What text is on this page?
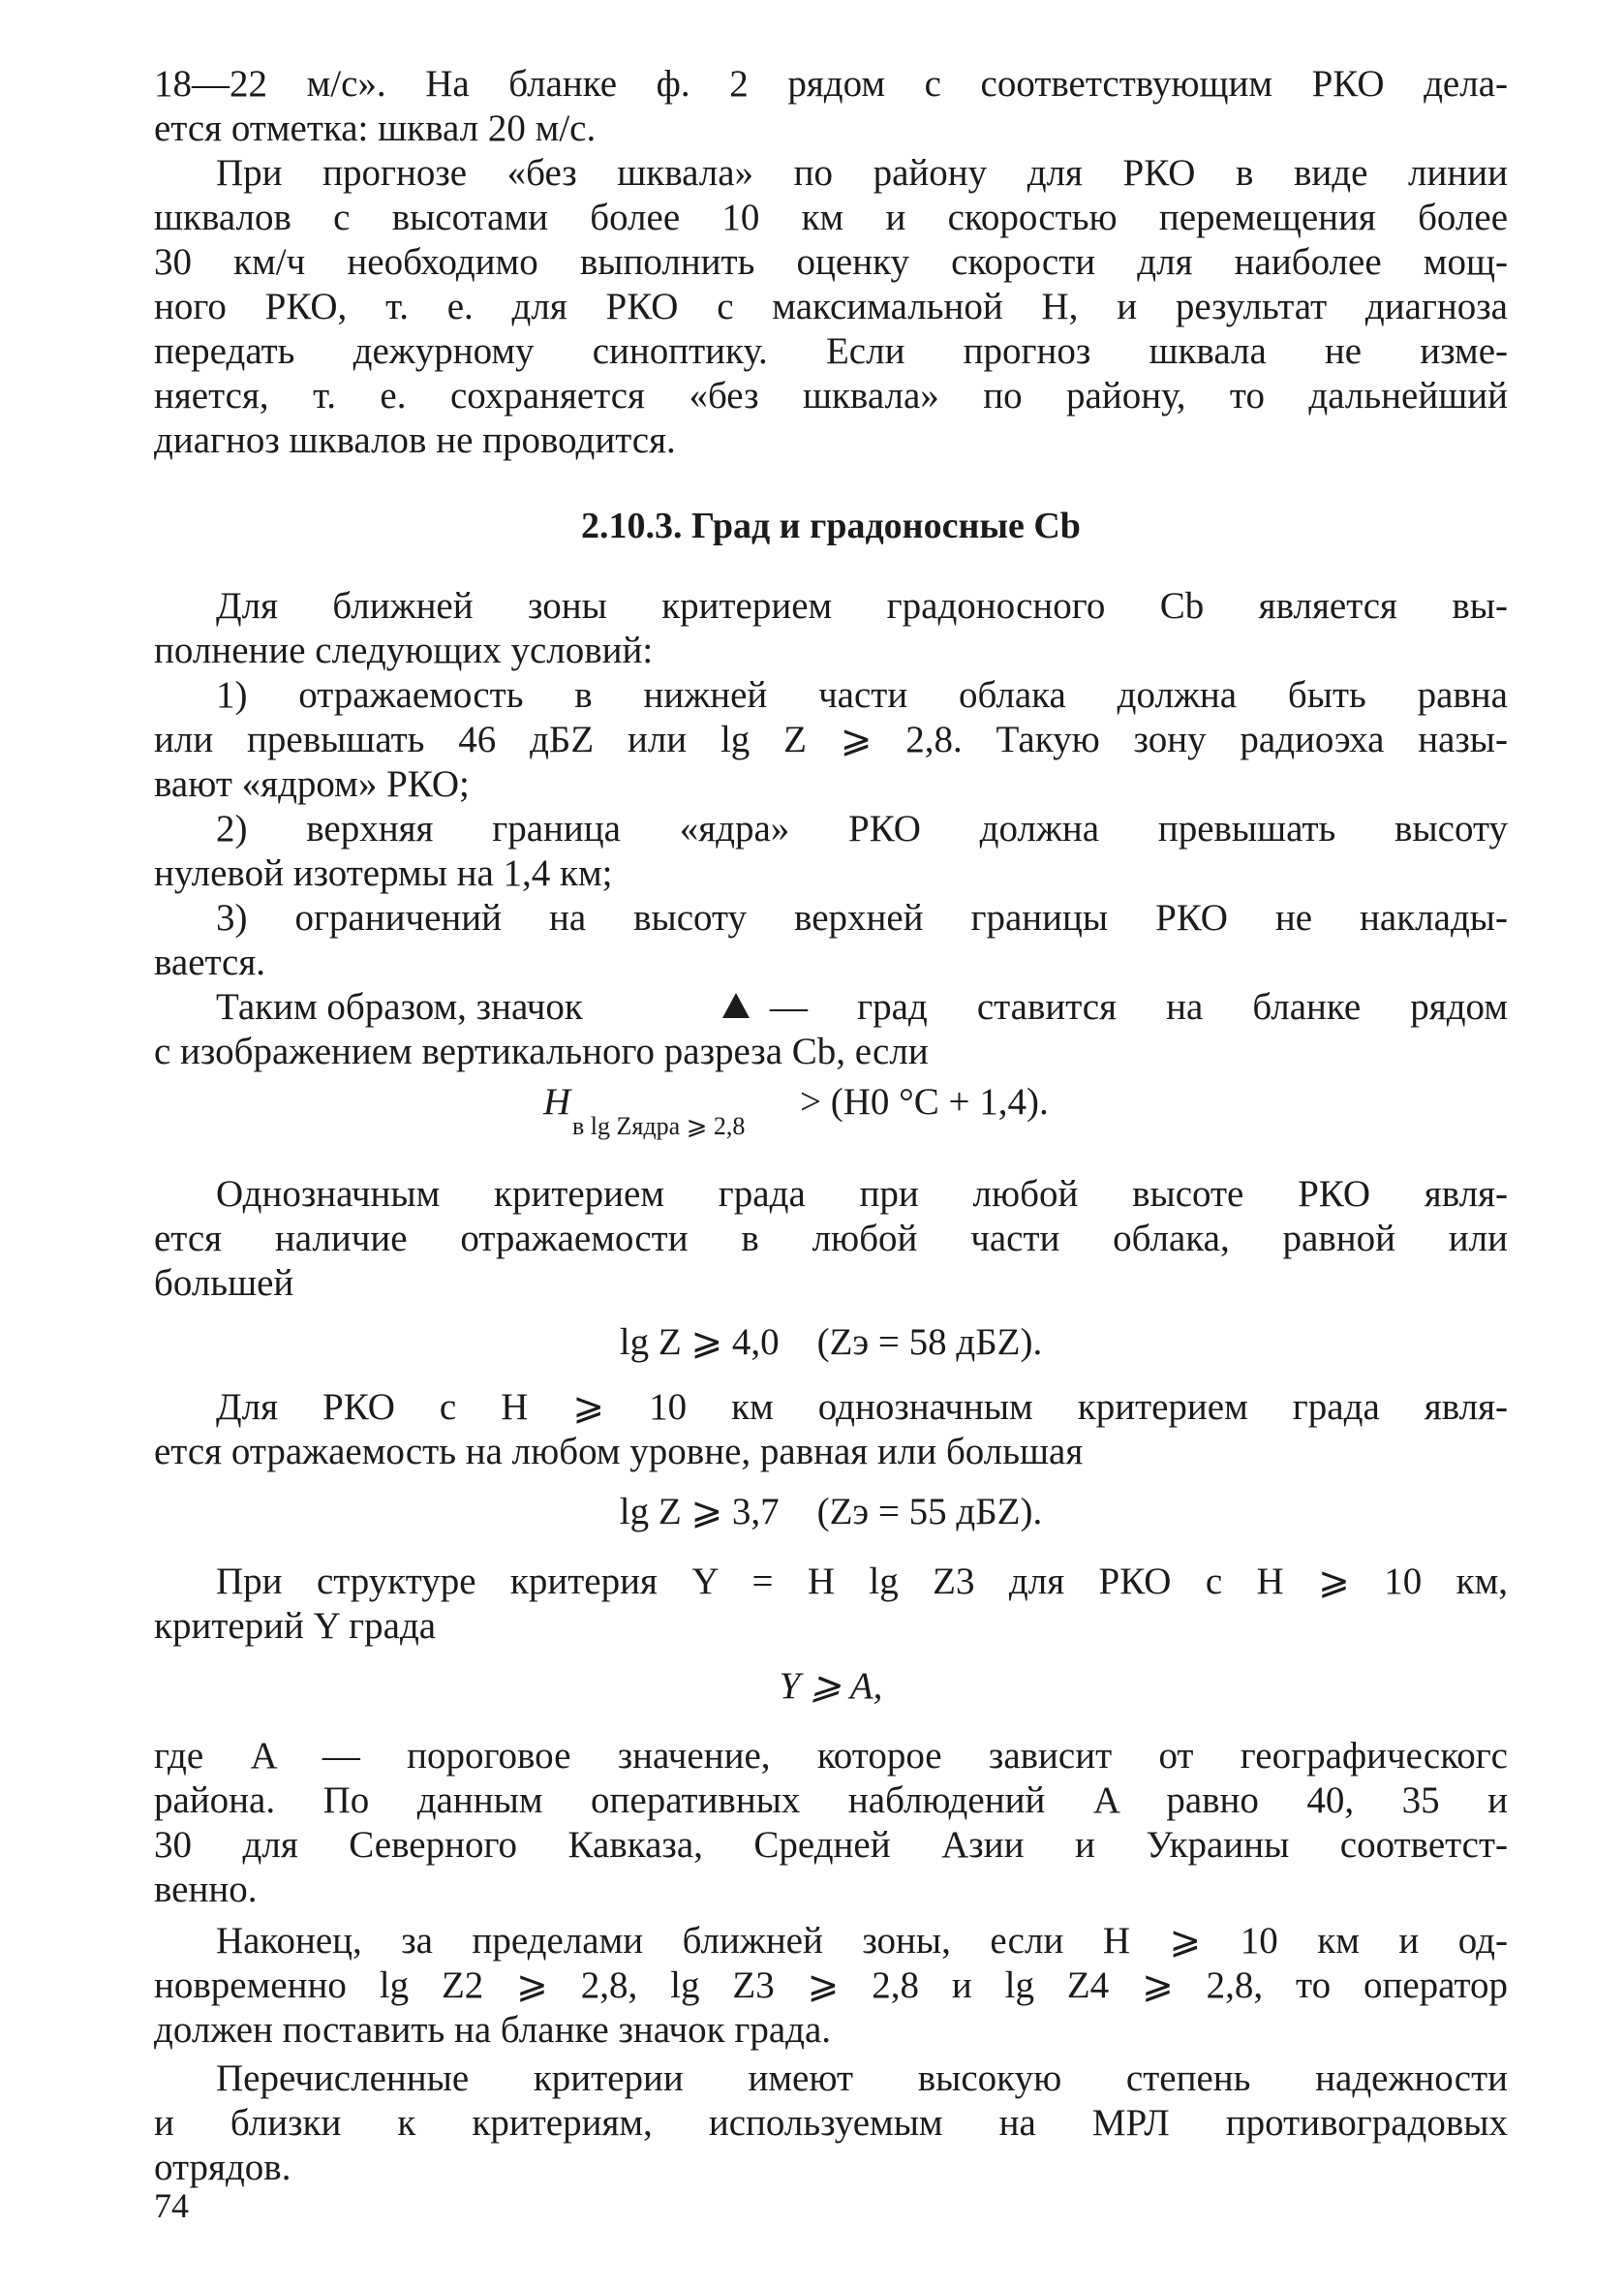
18—22 м/с». На бланке ф. 2 рядом с соответствующим РКО дела-
ется отметка: шквал 20 м/с.
При прогнозе «без шквала» по району для РКО в виде линии
шквалов с высотами более 10 км и скоростью перемещения более
30 км/ч необходимо выполнить оценку скорости для наиболее мощ-
ного РКО, т. е. для РКО с максимальной H, и результат диагноза
передать дежурному синоптику. Если прогноз шквала не изме-
няется, т. е. сохраняется «без шквала» по району, то дальнейший
диагноз шквалов не проводится.
2.10.3. Град и градоносные Cb
Для ближней зоны критерием градоносного Cb является вы-
полнение следующих условий:
1) отражаемость в нижней части облака должна быть равна
или превышать 46 дБZ или lg Z ⩾ 2,8. Такую зону радиоэха назы-
вают «ядром» РКО;
2) верхняя граница «ядра» РКО должна превышать высоту
нулевой изотермы на 1,4 км;
3) ограничений на высоту верхней границы РКО не наклады-
вается.
Таким образом, значок	— град ставится на бланке рядом
с изображением вертикального разреза Cb, если
H
в lg Zядра ⩾ 2,8
> (H0 °C + 1,4).
Однозначным критерием града при любой высоте РКО явля-
ется наличие отражаемости в любой части облака, равной или
большей
lg Z ⩾ 4,0    (Zэ = 58 дБZ).
Для РКО с H ⩾ 10 км однозначным критерием града явля-
ется отражаемость на любом уровне, равная или большая
lg Z ⩾ 3,7    (Zэ = 55 дБZ).
При структуре критерия Y = H lg Z3 для РКО с H ⩾ 10 км,
критерий Y града
Y ⩾ A,
где A — пороговое значение, которое зависит от географическогс
района. По данным оперативных наблюдений A равно 40, 35 и
30 для Северного Кавказа, Средней Азии и Украины соответст-
венно.
Наконец, за пределами ближней зоны, если H ⩾ 10 км и од-
новременно lg Z2 ⩾ 2,8, lg Z3 ⩾ 2,8 и lg Z4 ⩾ 2,8, то оператор
должен поставить на бланке значок града.
Перечисленные критерии имеют высокую степень надежности
и близки к критериям, используемым на МРЛ противоградовых
отрядов.
74
